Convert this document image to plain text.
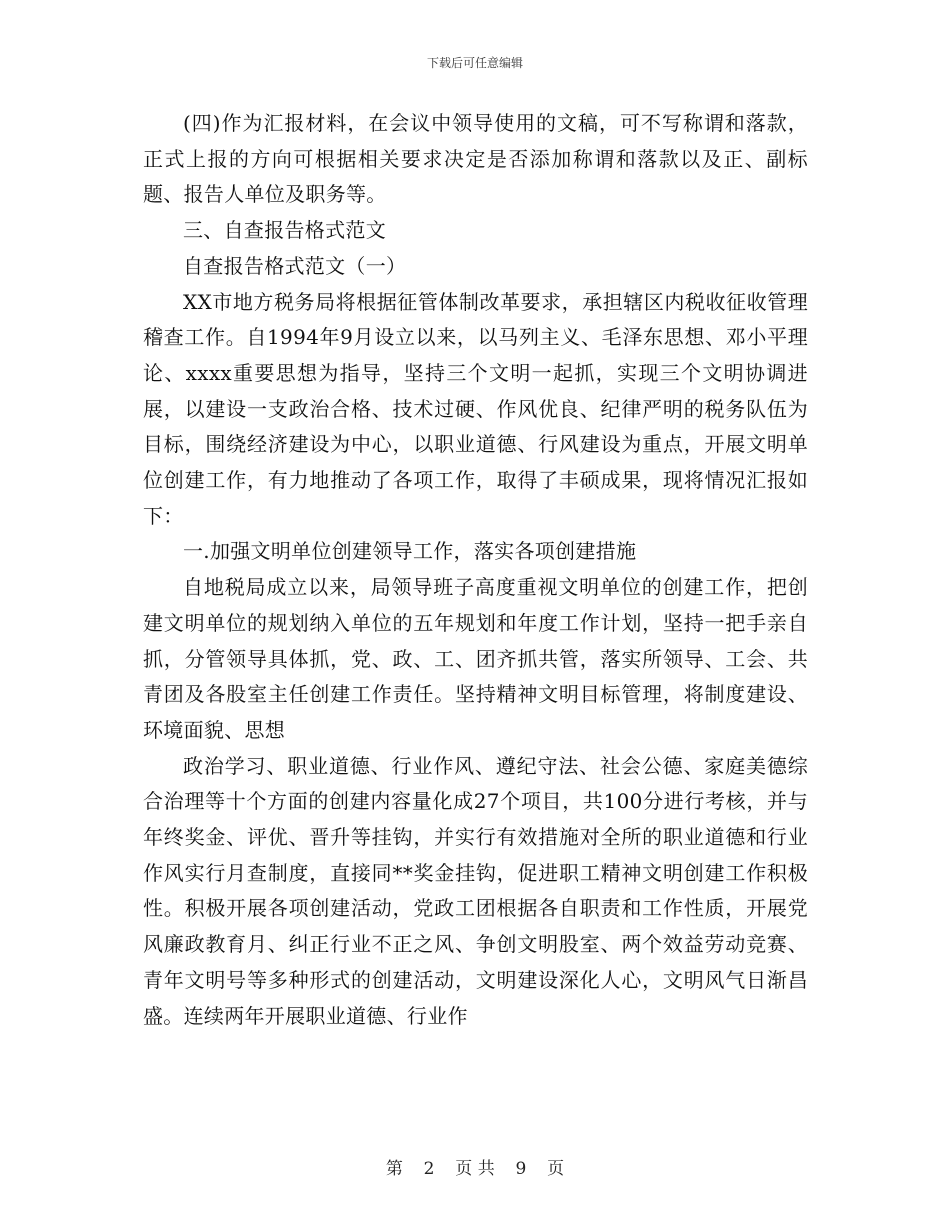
下载后可任意编辑

(四)作为汇报材料，在会议中领导使用的文稿，可不写称谓和落款，正式上报的方向可根据相关要求决定是否添加称谓和落款以及正、副标题、报告人单位及职务等。

三、自查报告格式范文

自查报告格式范文（一）

XX市地方税务局将根据征管体制改革要求，承担辖区内税收征收管理稽查工作。自1994年9月设立以来，以马列主义、毛泽东思想、邓小平理论、xxxx重要思想为指导，坚持三个文明一起抓，实现三个文明协调进展，以建设一支政治合格、技术过硬、作风优良、纪律严明的税务队伍为目标，围绕经济建设为中心，以职业道德、行风建设为重点，开展文明单位创建工作，有力地推动了各项工作，取得了丰硕成果，现将情况汇报如下：

一.加强文明单位创建领导工作，落实各项创建措施

自地税局成立以来，局领导班子高度重视文明单位的创建工作，把创建文明单位的规划纳入单位的五年规划和年度工作计划，坚持一把手亲自抓，分管领导具体抓，党、政、工、团齐抓共管，落实所领导、工会、共青团及各股室主任创建工作责任。坚持精神文明目标管理，将制度建设、环境面貌、思想

政治学习、职业道德、行业作风、遵纪守法、社会公德、家庭美德综合治理等十个方面的创建内容量化成27个项目，共100分进行考核，并与年终奖金、评优、晋升等挂钩，并实行有效措施对全所的职业道德和行业作风实行月查制度，直接同**奖金挂钩，促进职工精神文明创建工作积极性。积极开展各项创建活动，党政工团根据各自职责和工作性质，开展党风廉政教育月、纠正行业不正之风、争创文明股室、两个效益劳动竞赛、青年文明号等多种形式的创建活动，文明建设深化人心，文明风气日渐昌盛。连续两年开展职业道德、行业作

第 2 页 共 9 页
